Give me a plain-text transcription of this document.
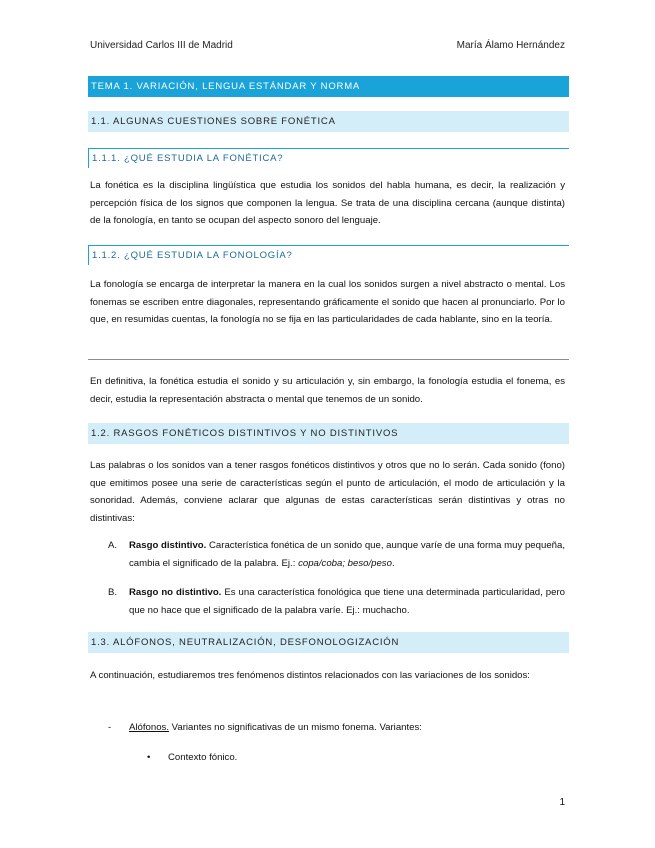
Universidad Carlos III de Madrid	María Álamo Hernández
TEMA 1. VARIACIÓN, LENGUA ESTÁNDAR Y NORMA
1.1. ALGUNAS CUESTIONES SOBRE FONÉTICA
1.1.1. ¿QUÉ ESTUDIA LA FONÉTICA?
La fonética es la disciplina lingüística que estudia los sonidos del habla humana, es decir, la realización y percepción física de los signos que componen la lengua. Se trata de una disciplina cercana (aunque distinta) de la fonología, en tanto se ocupan del aspecto sonoro del lenguaje.
1.1.2. ¿QUÉ ESTUDIA LA FONOLOGÍA?
La fonología se encarga de interpretar la manera en la cual los sonidos surgen a nivel abstracto o mental. Los fonemas se escriben entre diagonales, representando gráficamente el sonido que hacen al pronunciarlo. Por lo que, en resumidas cuentas, la fonología no se fija en las particularidades de cada hablante, sino en la teoría.
En definitiva, la fonética estudia el sonido y su articulación y, sin embargo, la fonología estudia el fonema, es decir, estudia la representación abstracta o mental que tenemos de un sonido.
1.2. RASGOS FONÉTICOS DISTINTIVOS Y NO DISTINTIVOS
Las palabras o los sonidos van a tener rasgos fonéticos distintivos y otros que no lo serán. Cada sonido (fono) que emitimos posee una serie de características según el punto de articulación, el modo de articulación y la sonoridad. Además, conviene aclarar que algunas de estas características serán distintivas y otras no distintivas:
A. Rasgo distintivo. Característica fonética de un sonido que, aunque varíe de una forma muy pequeña, cambia el significado de la palabra. Ej.: copa/coba; beso/peso.
B. Rasgo no distintivo. Es una característica fonológica que tiene una determinada particularidad, pero que no hace que el significado de la palabra varíe. Ej.: muchacho.
1.3. ALÓFONOS, NEUTRALIZACIÓN, DESFONOLOGIZACIÓN
A continuación, estudiaremos tres fenómenos distintos relacionados con las variaciones de los sonidos:
- Alófonos. Variantes no significativas de un mismo fonema. Variantes:
• Contexto fónico.
1
